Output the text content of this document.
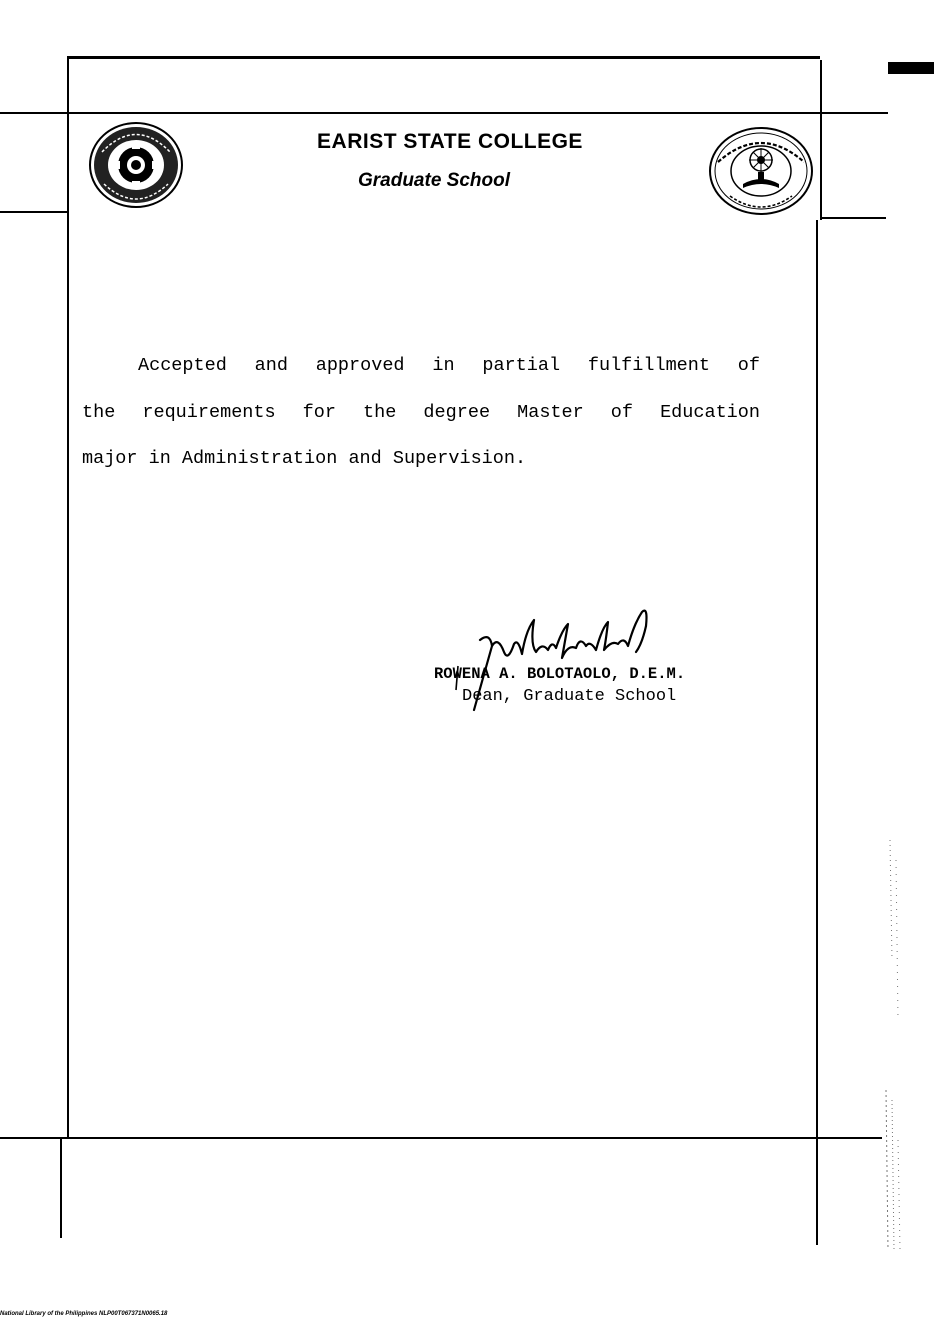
EARIST STATE COLLEGE
Graduate School
Accepted and approved in partial fulfillment of
the requirements for the degree Master of Education
major in Administration and Supervision.
ROWENA A. BOLOTAOLO, D.E.M.
Dean, Graduate School
National Library of the Philippines NLP00T067371N0065.18
